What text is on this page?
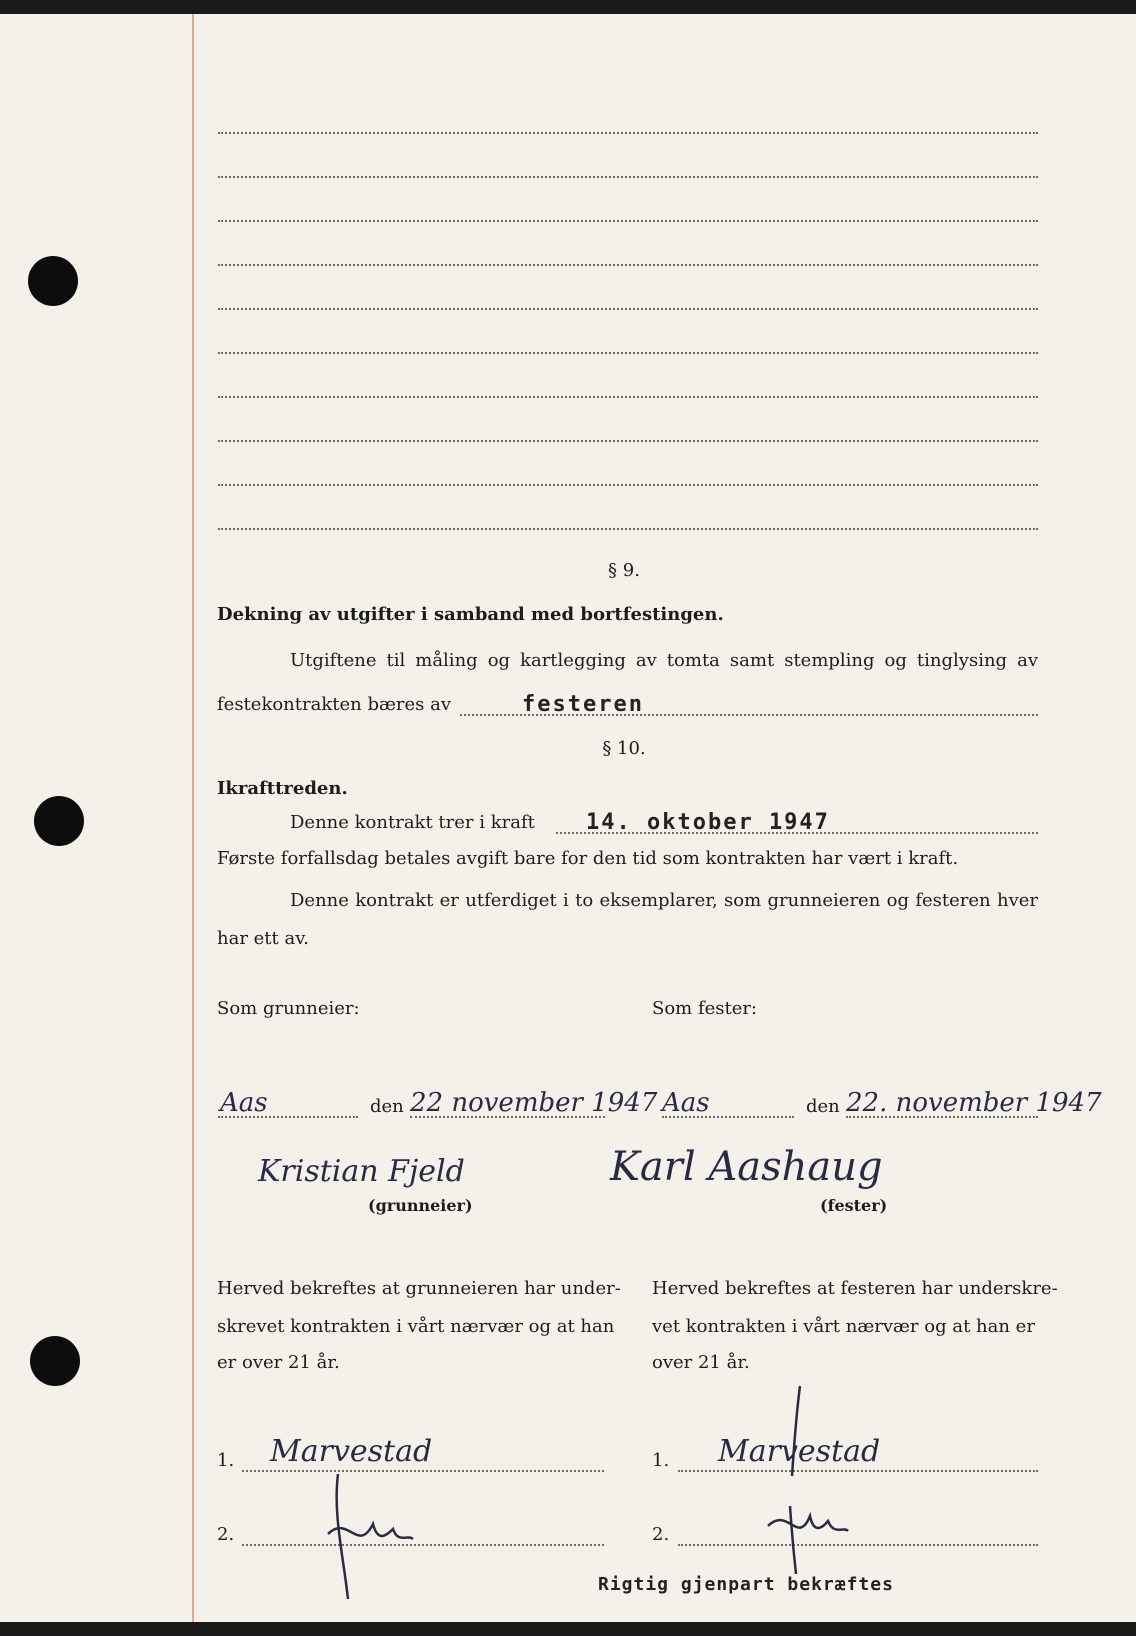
§ 9.
Dekning av utgifter i samband med bortfestingen.
Utgiftene til måling og kartlegging av tomta samt stempling og tinglysing av
festekontrakten bæres av	festeren
§ 10.
Ikrafttreden.
Denne kontrakt trer i kraft 14. oktober 1947
Første forfallsdag betales avgift bare for den tid som kontrakten har vært i kraft.
Denne kontrakt er utferdiget i to eksemplarer, som grunneieren og festeren hver
har ett av.
Som grunneier:	Som fester:
Aas	den 22 november 1947 Aas	den 22. november 1947
Kristian Fjeld	Karl Aashaug
(grunneier)	(fester)
Herved bekreftes at grunneieren har under-
skrevet kontrakten i vårt nærvær og at han
er over 21 år.
Herved bekreftes at festeren har underskre-
vet kontrakten i vårt nærvær og at han er
over 21 år.
1. Marvestad	1. Marvestad
2.	2.
Rigtig gjenpart bekræftes
